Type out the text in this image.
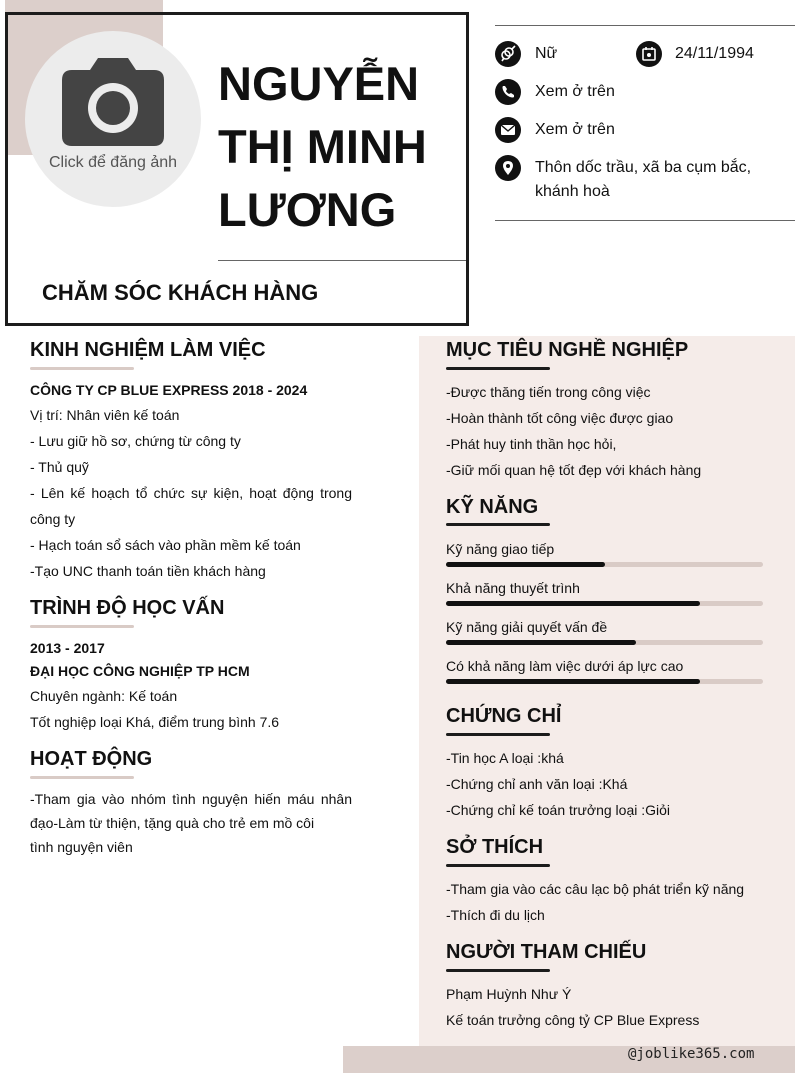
Click để đăng ảnh
NGUYỄN
THỊ MINH
LƯƠNG
CHĂM SÓC KHÁCH HÀNG
Nữ	24/11/1994
Xem ở trên
Xem ở trên
Thôn dốc trầu, xã ba cụm bắc,
khánh hoà
KINH NGHIỆM LÀM VIỆC
CÔNG TY CP BLUE EXPRESS 2018 - 2024
Vị trí: Nhân viên kế toán
- Lưu giữ hồ sơ, chứng từ công ty
- Thủ quỹ
- Lên kế hoạch tổ chức sự kiện, hoạt động trong
công ty
- Hạch toán sổ sách vào phần mềm kế toán
-Tạo UNC thanh toán tiền khách hàng
TRÌNH ĐỘ HỌC VẤN
2013 - 2017
ĐẠI HỌC CÔNG NGHIỆP TP HCM
Chuyên ngành: Kế toán
Tốt nghiệp loại Khá, điểm trung bình 7.6
HOẠT ĐỘNG
-Tham gia vào nhóm tình nguyện hiến máu nhân
đạo-Làm từ thiện, tặng quà cho trẻ em mồ côi
tình nguyện viên
MỤC TIÊU NGHỀ NGHIỆP
-Được thăng tiến trong công việc
-Hoàn thành tốt công việc được giao
-Phát huy tinh thần học hỏi,
-Giữ mối quan hệ tốt đẹp với khách hàng
KỸ NĂNG
Kỹ năng giao tiếp
Khả năng thuyết trình
Kỹ năng giải quyết vấn đề
Có khả năng làm việc dưới áp lực cao
CHỨNG CHỈ
-Tin học A loại :khá
-Chứng chỉ anh văn loại :Khá
-Chứng chỉ kế toán trưởng loại :Giỏi
SỞ THÍCH
-Tham gia vào các câu lạc bộ phát triển kỹ năng
-Thích đi du lịch
NGƯỜI THAM CHIẾU
Phạm Huỳnh Như Ý
Kế toán trưởng công tỷ CP Blue Express
@joblike365.com
